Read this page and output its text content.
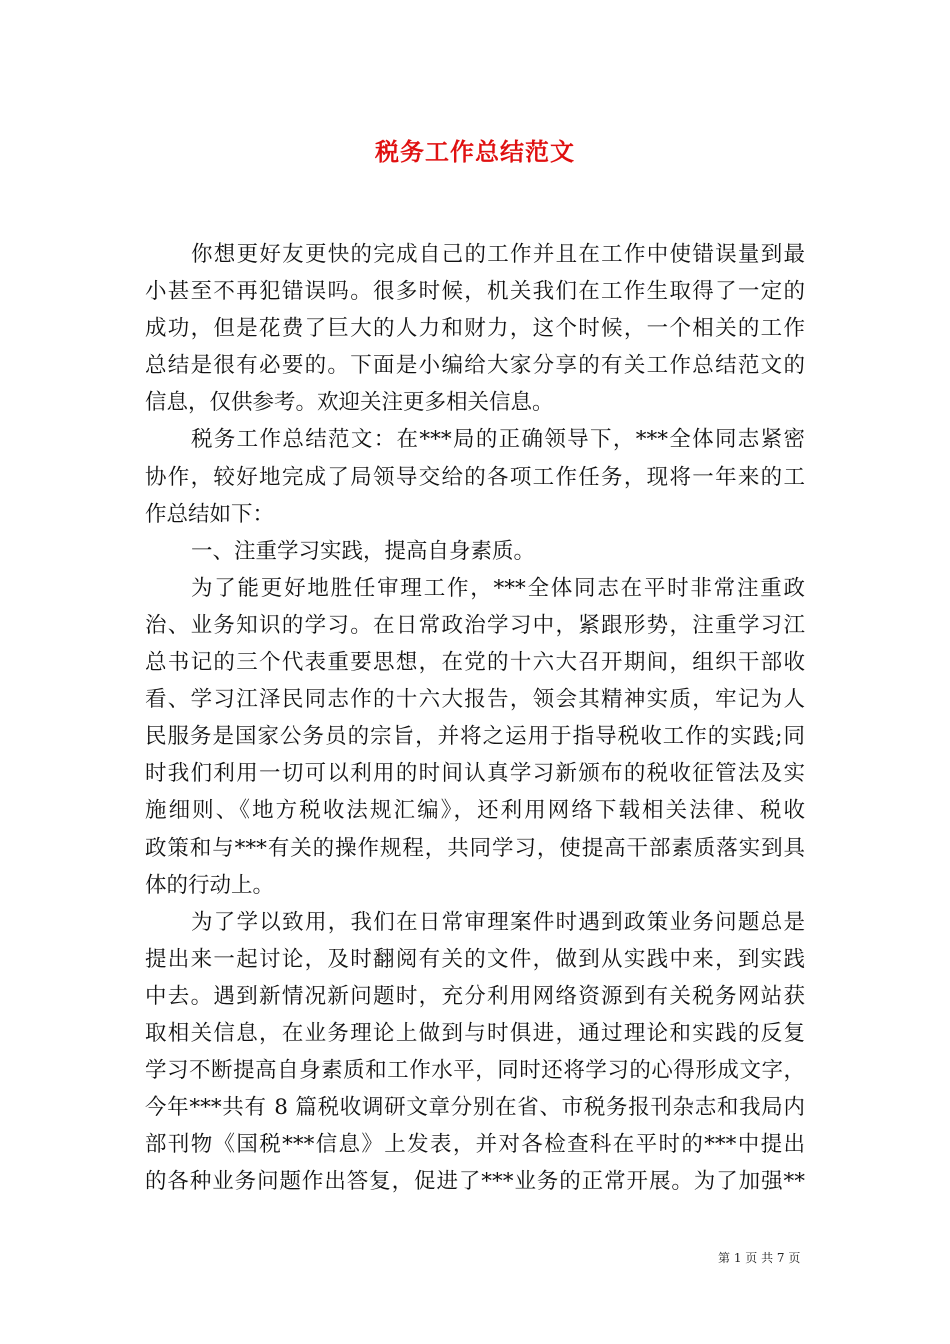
税务工作总结范文
你想更好友更快的完成自己的工作并且在工作中使错误量到最
小甚至不再犯错误吗。很多时候，机关我们在工作生取得了一定的
成功，但是花费了巨大的人力和财力，这个时候，一个相关的工作
总结是很有必要的。下面是小编给大家分享的有关工作总结范文的
信息，仅供参考。欢迎关注更多相关信息。
税务工作总结范文：在***局的正确领导下，***全体同志紧密
协作，较好地完成了局领导交给的各项工作任务，现将一年来的工
作总结如下：
一、注重学习实践，提高自身素质。
为了能更好地胜任审理工作，***全体同志在平时非常注重政
治、业务知识的学习。在日常政治学习中，紧跟形势，注重学习江
总书记的三个代表重要思想，在党的十六大召开期间，组织干部收
看、学习江泽民同志作的十六大报告，领会其精神实质，牢记为人
民服务是国家公务员的宗旨，并将之运用于指导税收工作的实践;同
时我们利用一切可以利用的时间认真学习新颁布的税收征管法及实
施细则、《地方税收法规汇编》，还利用网络下载相关法律、税收
政策和与***有关的操作规程，共同学习，使提高干部素质落实到具
体的行动上。
为了学以致用，我们在日常审理案件时遇到政策业务问题总是
提出来一起讨论，及时翻阅有关的文件，做到从实践中来，到实践
中去。遇到新情况新问题时，充分利用网络资源到有关税务网站获
取相关信息，在业务理论上做到与时俱进，通过理论和实践的反复
学习不断提高自身素质和工作水平，同时还将学习的心得形成文字，
今年***共有 8 篇税收调研文章分别在省、市税务报刊杂志和我局内
部刊物《国税***信息》上发表，并对各检查科在平时的***中提出
的各种业务问题作出答复，促进了***业务的正常开展。为了加强**
第 1 页 共 7 页
